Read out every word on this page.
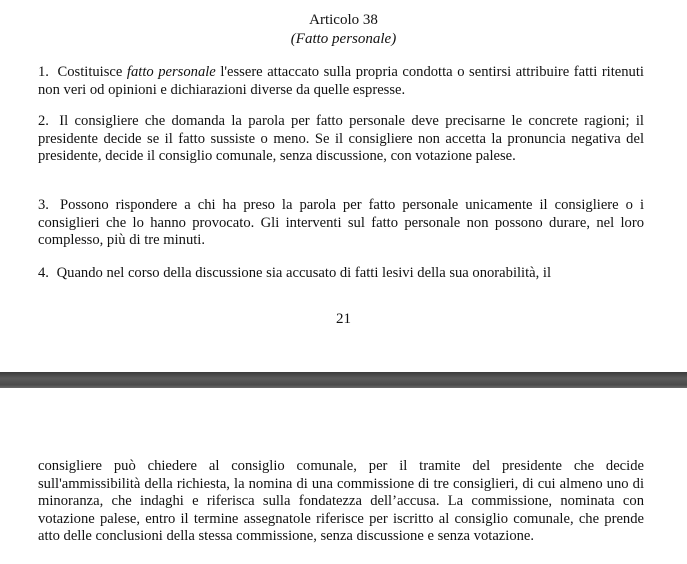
Articolo 38
(Fatto personale)

1. Costituisce fatto personale l'essere attaccato sulla propria condotta o sentirsi attribuire fatti ritenuti non veri od opinioni e dichiarazioni diverse da quelle espresse.

2. Il consigliere che domanda la parola per fatto personale deve precisarne le concrete ragioni; il presidente decide se il fatto sussiste o meno. Se il consigliere non accetta la pronuncia negativa del presidente, decide il consiglio comunale, senza discussione, con votazione palese.

3. Possono rispondere a chi ha preso la parola per fatto personale unicamente il consigliere o i consiglieri che lo hanno provocato. Gli interventi sul fatto personale non possono durare, nel loro complesso, più di tre minuti.

4. Quando nel corso della discussione sia accusato di fatti lesivi della sua onorabilità, il

21

consigliere può chiedere al consiglio comunale, per il tramite del presidente che decide sull'ammissibilità della richiesta, la nomina di una commissione di tre consiglieri, di cui almeno uno di minoranza, che indaghi e riferisca sulla fondatezza dell’accusa. La commissione, nominata con votazione palese, entro il termine assegnatole riferisce per iscritto al consiglio comunale, che prende atto delle conclusioni della stessa commissione, senza discussione e senza votazione.
